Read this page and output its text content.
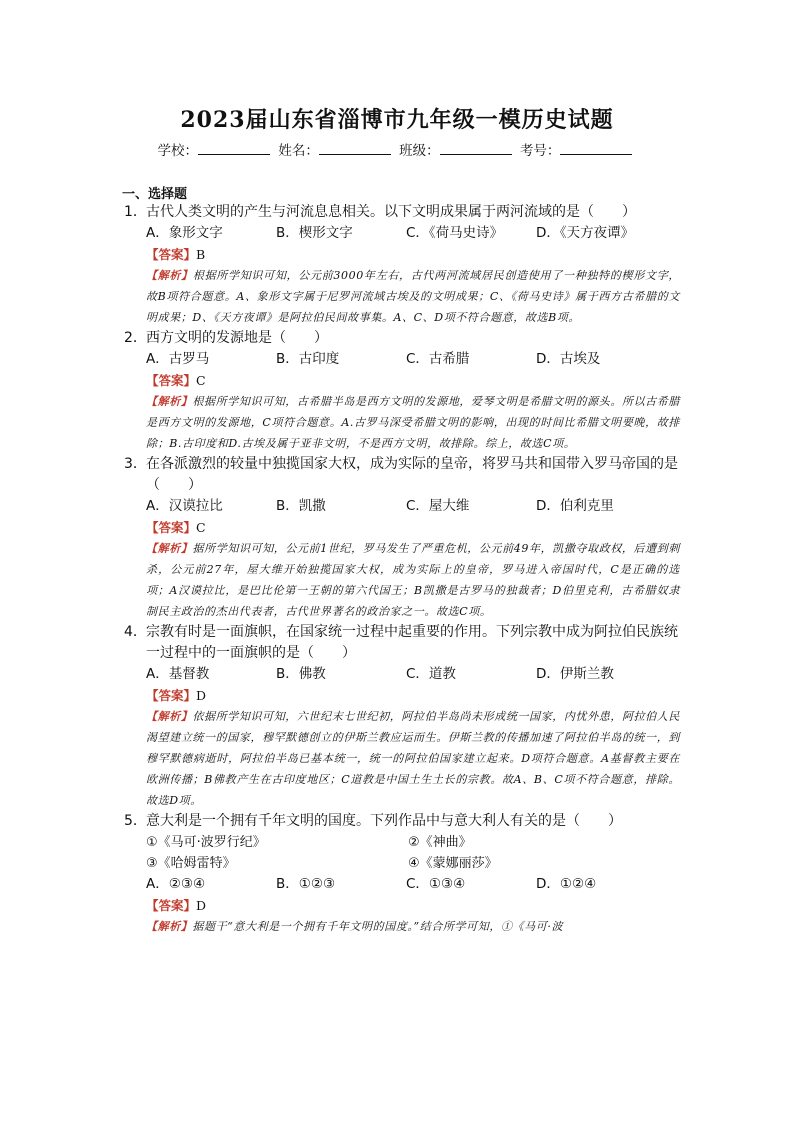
2023届山东省淄博市九年级一模历史试题
学校：	姓名：	班级：	考号：
一、选择题
1． 古代人类文明的产生与河流息息相关。以下文明成果属于两河流域的是（　　）
A．象形文字	B．楔形文字	C．《荷马史诗》	D．《天方夜谭》
【答案】B
【解析】根据所学知识可知，公元前3000年左右，古代两河流域居民创造使用了一种独特的楔形文字，故B项符合题意。A、象形文字属于尼罗河流域古埃及的文明成果；C、《荷马史诗》属于西方古希腊的文明成果；D、《天方夜谭》是阿拉伯民间故事集。A、C、D项不符合题意，故选B项。
2． 西方文明的发源地是（　　）
A．古罗马	B．古印度	C．古希腊	D．古埃及
【答案】C
【解析】根据所学知识可知，古希腊半岛是西方文明的发源地，爱琴文明是希腊文明的源头。所以古希腊是西方文明的发源地，C项符合题意。A.古罗马深受希腊文明的影响，出现的时间比希腊文明要晚，故排除；B.古印度和D.古埃及属于亚非文明，不是西方文明，故排除。综上，故选C项。
3． 在各派激烈的较量中独揽国家大权，成为实际的皇帝，将罗马共和国带入罗马帝国的是（　　）
A．汉谟拉比	B．凯撒	C．屋大维	D．伯利克里
【答案】C
【解析】据所学知识可知，公元前1世纪，罗马发生了严重危机，公元前49年，凯撒夺取政权，后遭到刺杀，公元前27年，屋大维开始独揽国家大权，成为实际上的皇帝，罗马进入帝国时代，C是正确的选项；A汉谟拉比，是巴比伦第一王朝的第六代国王；B凯撒是古罗马的独裁者；D伯里克利，古希腊奴隶制民主政治的杰出代表者，古代世界著名的政治家之一。故选C项。
4． 宗教有时是一面旗帜，在国家统一过程中起重要的作用。下列宗教中成为阿拉伯民族统一过程中的一面旗帜的是（　　）
A．基督教	B．佛教	C．道教	D．伊斯兰教
【答案】D
【解析】依据所学知识可知，六世纪末七世纪初，阿拉伯半岛尚未形成统一国家，内忧外患，阿拉伯人民渴望建立统一的国家，穆罕默德创立的伊斯兰教应运而生。伊斯兰教的传播加速了阿拉伯半岛的统一，到穆罕默德病逝时，阿拉伯半岛已基本统一，统一的阿拉伯国家建立起来。D项符合题意。A基督教主要在欧洲传播；B佛教产生在古印度地区；C道教是中国土生土长的宗教。故A、B、C项不符合题意，排除。故选D项。
5． 意大利是一个拥有千年文明的国度。下列作品中与意大利人有关的是（　　）
①《马可·波罗行纪》	②《神曲》
③《哈姆雷特》	④《蒙娜丽莎》
A．②③④	B．①②③	C．①③④	D．①②④
【答案】D
【解析】据题干“意大利是一个拥有千年文明的国度。”结合所学可知，①《马可·波
